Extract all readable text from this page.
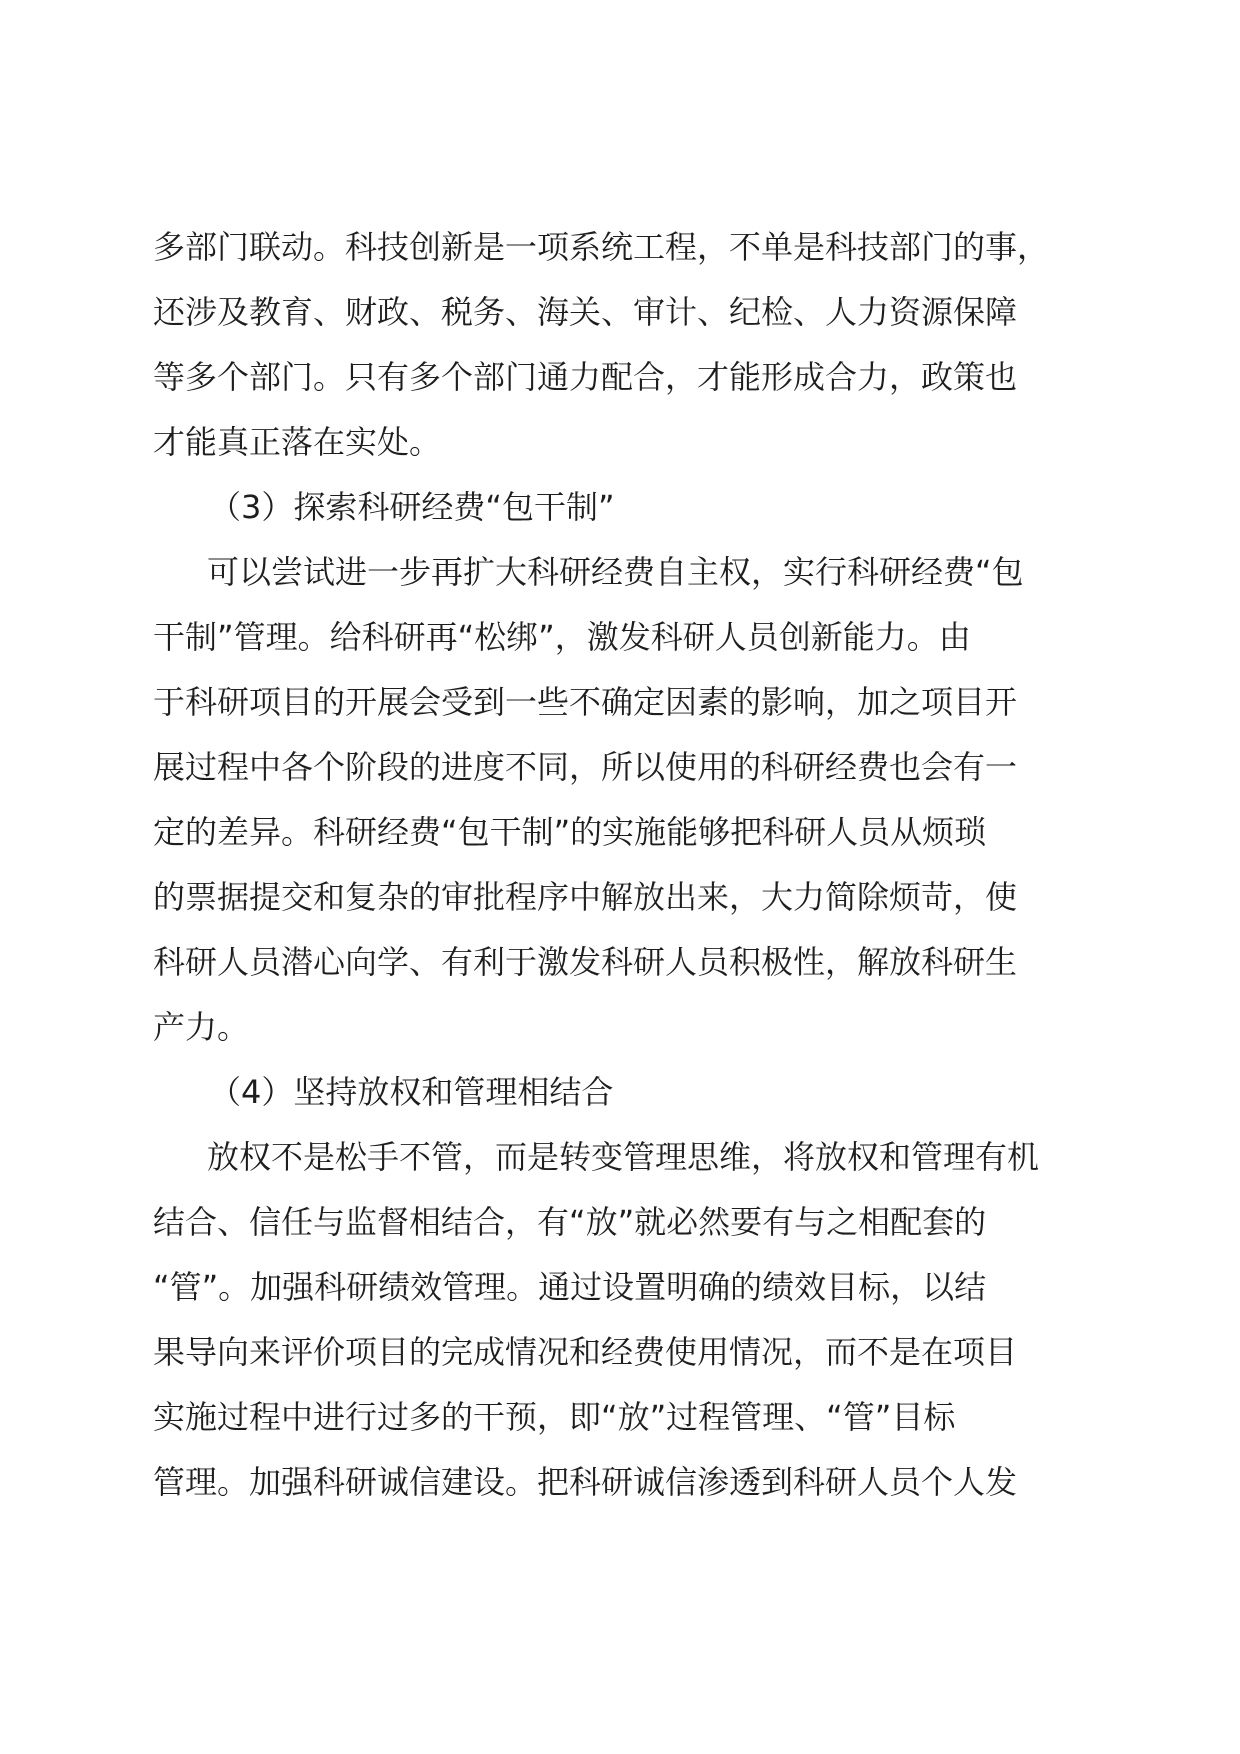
多部门联动。科技创新是一项系统工程，不单是科技部门的事，
还涉及教育、财政、税务、海关、审计、纪检、人力资源保障
等多个部门。只有多个部门通力配合，才能形成合力，政策也
才能真正落在实处。
（3）探索科研经费“包干制”
可以尝试进一步再扩大科研经费自主权，实行科研经费“包
干制”管理。给科研再“松绑”，激发科研人员创新能力。由
于科研项目的开展会受到一些不确定因素的影响，加之项目开
展过程中各个阶段的进度不同，所以使用的科研经费也会有一
定的差异。科研经费“包干制”的实施能够把科研人员从烦琐
的票据提交和复杂的审批程序中解放出来，大力简除烦苛，使
科研人员潜心向学、有利于激发科研人员积极性，解放科研生
产力。
（4）坚持放权和管理相结合
放权不是松手不管，而是转变管理思维，将放权和管理有机
结合、信任与监督相结合，有“放”就必然要有与之相配套的
“管”。加强科研绩效管理。通过设置明确的绩效目标，以结
果导向来评价项目的完成情况和经费使用情况，而不是在项目
实施过程中进行过多的干预，即“放”过程管理、“管”目标
管理。加强科研诚信建设。把科研诚信渗透到科研人员个人发
